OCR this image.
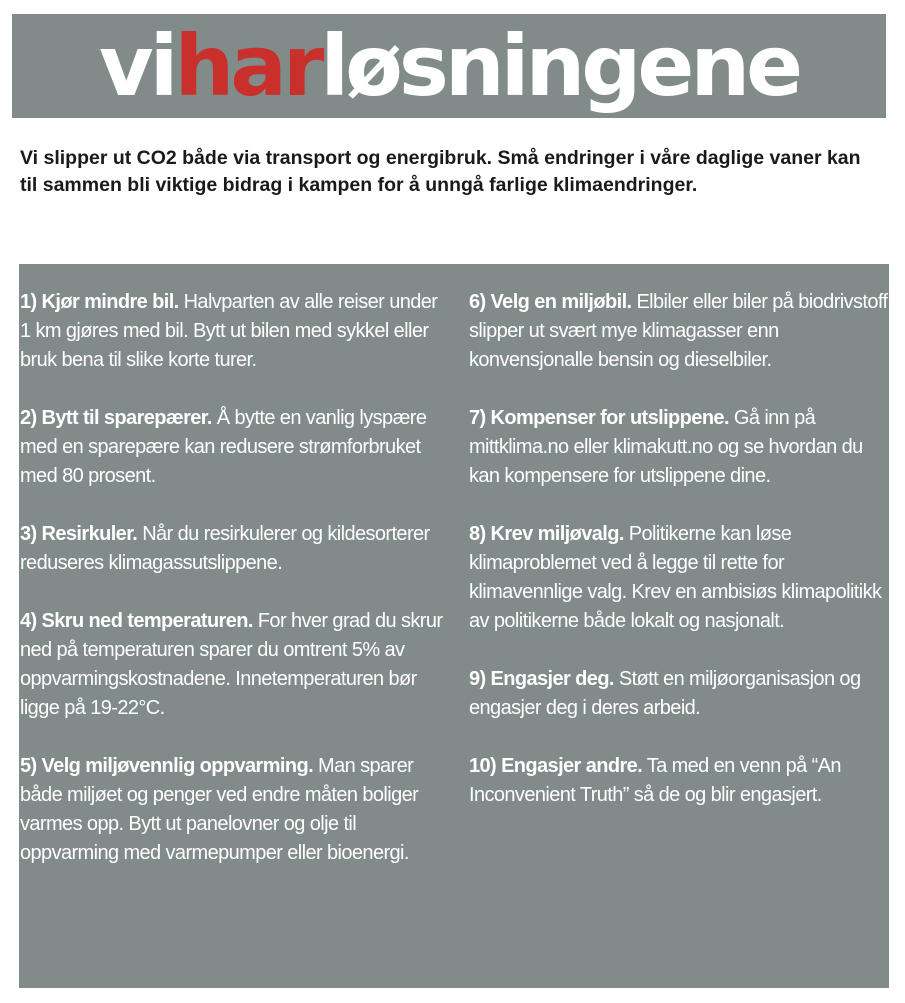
viharløsningene
Vi slipper ut CO2 både via transport og energibruk. Små endringer i våre daglige vaner kan til sammen bli viktige bidrag i kampen for å unngå farlige klimaendringer.

1) Kjør mindre bil. Halvparten av alle reiser under 1 km gjøres med bil. Bytt ut bilen med sykkel eller bruk bena til slike korte turer.

2) Bytt til sparepærer. Å bytte en vanlig lyspære med en sparepære kan redusere strømforbruket med 80 prosent.

3) Resirkuler. Når du resirkulerer og kildesorterer reduseres klimagassutslippene.

4) Skru ned temperaturen. For hver grad du skrur ned på temperaturen sparer du omtrent 5% av oppvarmingskostnadene. Innetemperaturen bør ligge på 19-22°C.

5) Velg miljøvennlig oppvarming. Man sparer både miljøet og penger ved endre måten boliger varmes opp. Bytt ut panelovner og olje til oppvarming med varmepumper eller bioenergi.

6) Velg en miljøbil. Elbiler eller biler på biodrivstoff slipper ut svært mye klimagasser enn konvensjonalle bensin og dieselbiler.

7) Kompenser for utslippene. Gå inn på mittklima.no eller klimakutt.no og se hvordan du kan kompensere for utslippene dine.

8) Krev miljøvalg. Politikerne kan løse klimaproblemet ved å legge til rette for klimavennlige valg. Krev en ambisiøs klimapolitikk av politikerne både lokalt og nasjonalt.

9) Engasjer deg. Støtt en miljøorganisasjon og engasjer deg i deres arbeid.

10) Engasjer andre. Ta med en venn på “An Inconvenient Truth” så de og blir engasjert.
